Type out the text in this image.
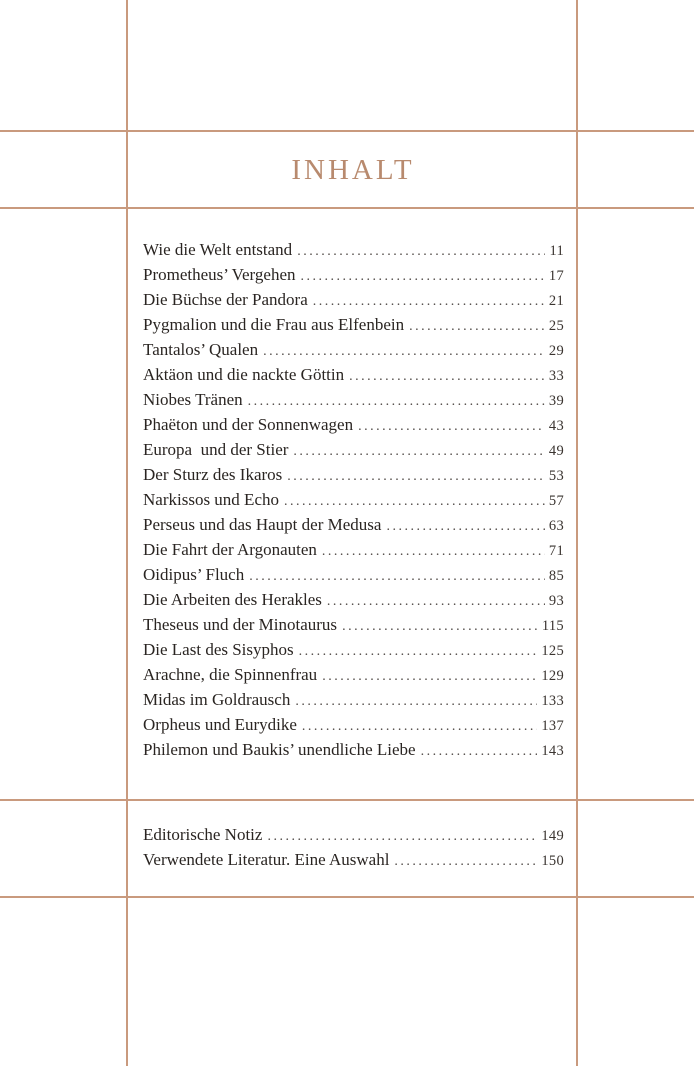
INHALT
Wie die Welt entstand . . .	11
Prometheus’ Vergehen . . .	17
Die Büchse der Pandora . . .	21
Pygmalion und die Frau aus Elfenbein . . .	25
Tantalos’ Qualen . . .	29
Aktäon und die nackte Göttin . . .	33
Niobes Tränen . . .	39
Phaëton und der Sonnenwagen . . .	43
Europa  und der Stier . . .	49
Der Sturz des Ikaros . . .	53
Narkissos und Echo . . .	57
Perseus und das Haupt der Medusa . . .	63
Die Fahrt der Argonauten . . .	71
Oidipus’ Fluch . . .	85
Die Arbeiten des Herakles . . .	93
Theseus und der Minotaurus . . .	115
Die Last des Sisyphos . . .	125
Arachne, die Spinnenfrau . . .	129
Midas im Goldrausch . . .	133
Orpheus und Eurydike . . .	137
Philemon und Baukis’ unendliche Liebe . . .	143
Editorische Notiz . . .	149
Verwendete Literatur. Eine Auswahl . . .	150
